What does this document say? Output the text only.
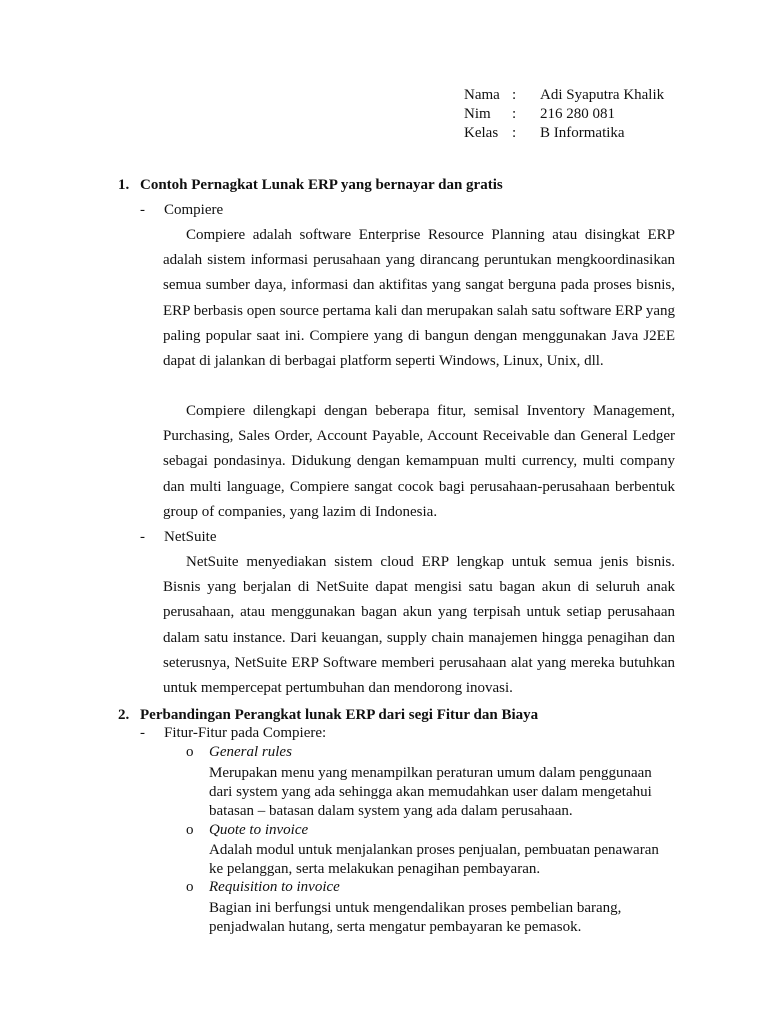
Nama	:	Adi Syaputra Khalik
Nim	:	216 280 081
Kelas	:	B Informatika
1. Contoh Pernagkat Lunak ERP yang bernayar dan gratis
- Compiere
Compiere adalah software Enterprise Resource Planning atau disingkat ERP adalah sistem informasi perusahaan yang dirancang peruntukan mengkoordinasikan semua sumber daya, informasi dan aktifitas yang sangat berguna pada proses bisnis, ERP berbasis open source pertama kali dan merupakan salah satu software ERP yang paling popular saat ini. Compiere yang di bangun dengan menggunakan Java J2EE dapat di jalankan di berbagai platform seperti Windows, Linux, Unix, dll.
Compiere dilengkapi dengan beberapa fitur, semisal Inventory Management, Purchasing, Sales Order, Account Payable, Account Receivable dan General Ledger sebagai pondasinya. Didukung dengan kemampuan multi currency, multi company dan multi language, Compiere sangat cocok bagi perusahaan-perusahaan berbentuk group of companies, yang lazim di Indonesia.
- NetSuite
NetSuite menyediakan sistem cloud ERP lengkap untuk semua jenis bisnis. Bisnis yang berjalan di NetSuite dapat mengisi satu bagan akun di seluruh anak perusahaan, atau menggunakan bagan akun yang terpisah untuk setiap perusahaan dalam satu instance. Dari keuangan, supply chain manajemen hingga penagihan dan seterusnya, NetSuite ERP Software memberi perusahaan alat yang mereka butuhkan untuk mempercepat pertumbuhan dan mendorong inovasi.
2. Perbandingan Perangkat lunak ERP dari segi Fitur dan Biaya
- Fitur-Fitur pada Compiere:
o General rules
Merupakan menu yang menampilkan peraturan umum dalam penggunaan
dari system yang ada sehingga akan memudahkan user dalam mengetahui
batasan – batasan dalam system yang ada dalam perusahaan.
o Quote to invoice
Adalah modul untuk menjalankan proses penjualan, pembuatan penawaran
ke pelanggan, serta melakukan penagihan pembayaran.
o Requisition to invoice
Bagian ini berfungsi untuk mengendalikan proses pembelian barang,
penjadwalan hutang, serta mengatur pembayaran ke pemasok.
